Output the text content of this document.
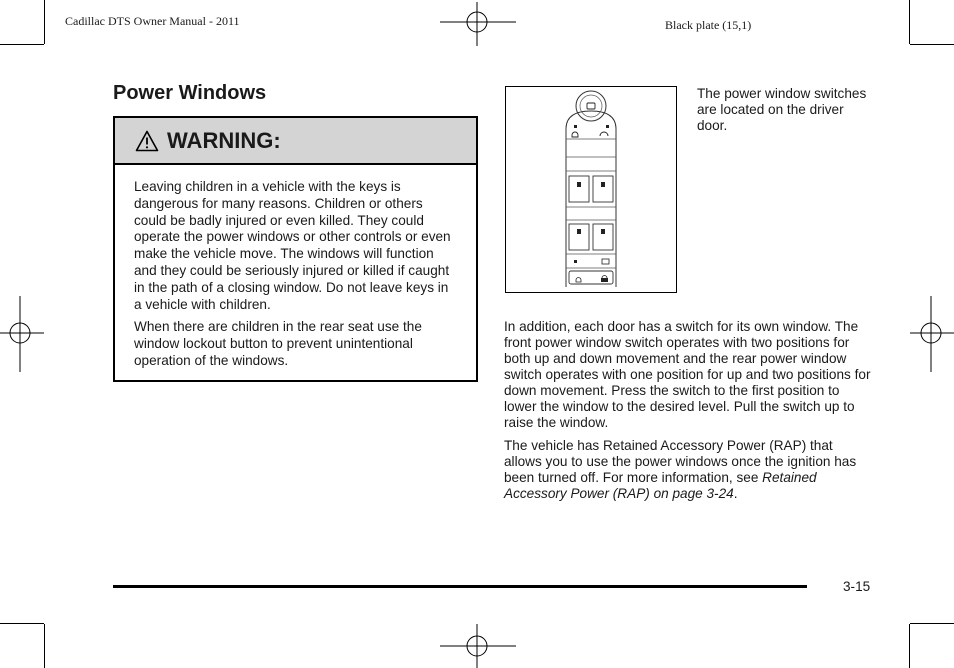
Cadillac DTS Owner Manual - 2011	Black plate (15,1)
Power Windows
WARNING:

Leaving children in a vehicle with the keys is dangerous for many reasons. Children or others could be badly injured or even killed. They could operate the power windows or other controls or even make the vehicle move. The windows will function and they could be seriously injured or killed if caught in the path of a closing window. Do not leave keys in a vehicle with children.

When there are children in the rear seat use the window lockout button to prevent unintentional operation of the windows.

The power window switches are located on the driver door.

In addition, each door has a switch for its own window. The front power window switch operates with two positions for both up and down movement and the rear power window switch operates with one position for up and two positions for down movement. Press the switch to the first position to lower the window to the desired level. Pull the switch up to raise the window.

The vehicle has Retained Accessory Power (RAP) that allows you to use the power windows once the ignition has been turned off. For more information, see Retained Accessory Power (RAP) on page 3-24.

3-15
